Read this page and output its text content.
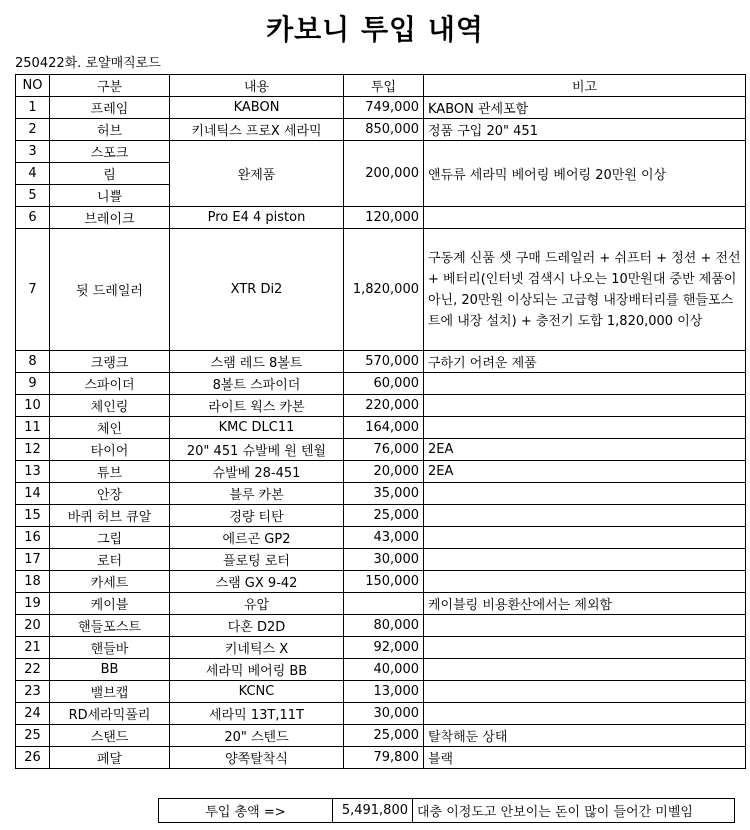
카보니 투입 내역
250422화. 로얄매직로드
NO	구분	내용	투입	비고
1	프레임	KABON	749,000	KABON 관세포함
2	허브	키네틱스 프로X 세라믹	850,000	정품 구입 20" 451
3	스포크	완제품	200,000	앤듀류 세라믹 베어링 베어링 20만원 이상
4	림			
5	니쁠			
6	브레이크	Pro E4 4 piston	120,000	
7	뒷 드레일러	XTR Di2	1,820,000	구동계 신품 셋 구매 드레일러 + 쉬프터 + 정션 + 전선 + 베터리(인터넷 검색시 나오는 10만원대 중반 제품이 아닌, 20만원 이상되는 고급형 내장배터리를 핸들포스트에 내장 설치) + 충전기 도합 1,820,000 이상
8	크랭크	스램 레드 8볼트	570,000	구하기 어려운 제품
9	스파이더	8볼트 스파이더	60,000	
10	체인링	라이트 웍스 카본	220,000	
11	체인	KMC DLC11	164,000	
12	타이어	20" 451 슈발베 원 텐월	76,000	2EA
13	튜브	슈발베 28-451	20,000	2EA
14	안장	블루 카본	35,000	
15	바퀴 허브 큐알	경량 티탄	25,000	
16	그립	에르곤 GP2	43,000	
17	로터	플로팅 로터	30,000	
18	카세트	스램 GX 9-42	150,000	
19	케이블	유압		케이블링 비용환산에서는 제외함
20	핸들포스트	다혼 D2D	80,000	
21	핸들바	키네틱스 X	92,000	
22	BB	세라믹 베어링 BB	40,000	
23	밸브캡	KCNC	13,000	
24	RD세라믹풀리	세라믹 13T,11T	30,000	
25	스탠드	20" 스텐드	25,000	탈착해둔 상태
26	페달	양쪽탈착식	79,800	블랙
투입 총액 =>	5,491,800	대충 이정도고 안보이는 돈이 많이 들어간 미벨임
